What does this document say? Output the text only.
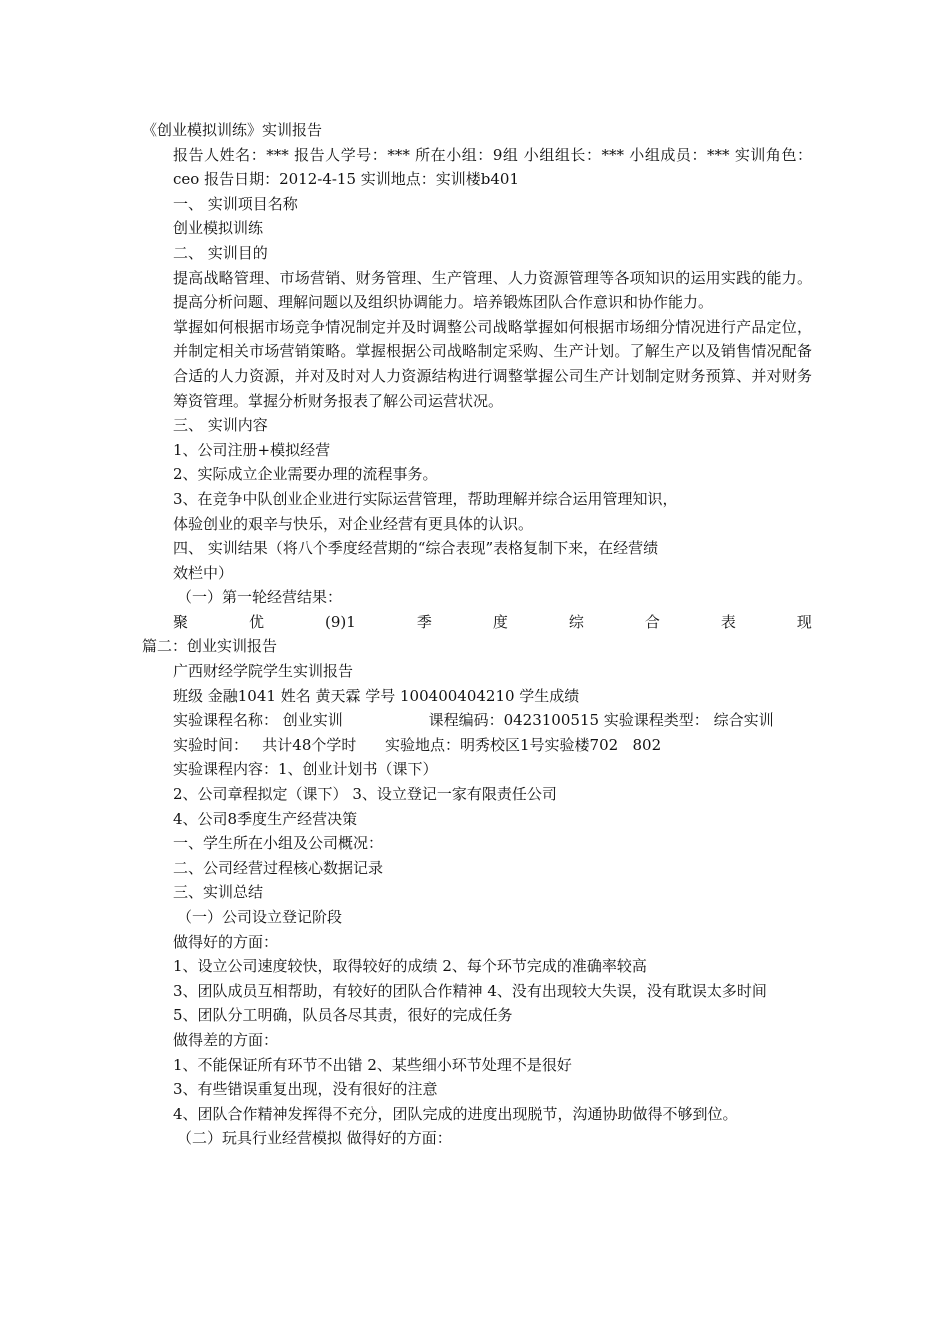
《创业模拟训练》实训报告

报告人姓名：*** 报告人学号：*** 所在小组：9组 小组组长：*** 小组成员：*** 实训角色：ceo 报告日期：2012-4-15 实训地点：实训楼b401

一、 实训项目名称

创业模拟训练

二、 实训目的

提高战略管理、市场营销、财务管理、生产管理、人力资源管理等各项知识的运用实践的能力。提高分析问题、理解问题以及组织协调能力。培养锻炼团队合作意识和协作能力。

掌握如何根据市场竞争情况制定并及时调整公司战略掌握如何根据市场细分情况进行产品定位，并制定相关市场营销策略。掌握根据公司战略制定采购、生产计划。了解生产以及销售情况配备合适的人力资源，并对及时对人力资源结构进行调整掌握公司生产计划制定财务预算、并对财务筹资管理。掌握分析财务报表了解公司运营状况。

三、 实训内容

1、公司注册+模拟经营

2、实际成立企业需要办理的流程事务。

3、在竞争中队创业企业进行实际运营管理，帮助理解并综合运用管理知识，

体验创业的艰辛与快乐，对企业经营有更具体的认识。

四、 实训结果（将八个季度经营期的“综合表现”表格复制下来，在经营绩

效栏中）

（一）第一轮经营结果：

聚	优	(9)1	季	度	综	合	表	现

篇二：创业实训报告

广西财经学院学生实训报告

班级 金融1041 姓名 黄天霖 学号 100400404210 学生成绩

实验课程名称： 创业实训                  课程编码：0423100515 实验课程类型： 综合实训

实验时间：   共计48个学时      实验地点：明秀校区1号实验楼702   802

实验课程内容：1、创业计划书（课下）

2、公司章程拟定（课下） 3、设立登记一家有限责任公司

4、公司8季度生产经营决策

一、学生所在小组及公司概况：

二、公司经营过程核心数据记录

三、实训总结

（一）公司设立登记阶段

做得好的方面：

1、设立公司速度较快，取得较好的成绩 2、每个环节完成的准确率较高

3、团队成员互相帮助，有较好的团队合作精神 4、没有出现较大失误，没有耽误太多时间

5、团队分工明确，队员各尽其责，很好的完成任务

做得差的方面：

1、不能保证所有环节不出错 2、某些细小环节处理不是很好

3、有些错误重复出现，没有很好的注意

4、团队合作精神发挥得不充分，团队完成的进度出现脱节，沟通协助做得不够到位。

（二）玩具行业经营模拟 做得好的方面：
